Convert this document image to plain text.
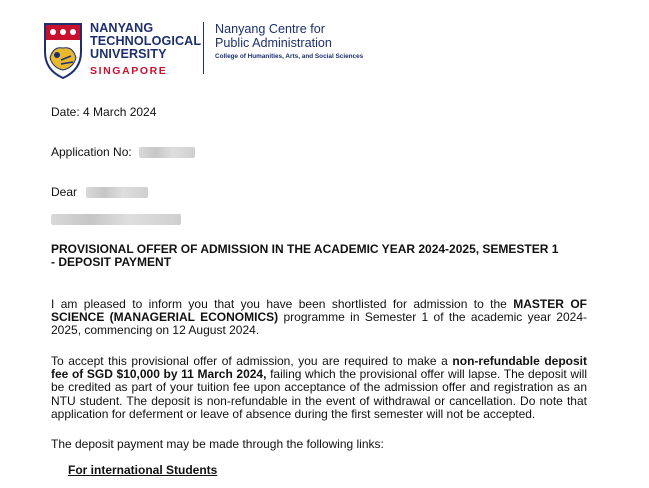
NANYANG
TECHNOLOGICAL
UNIVERSITY
SINGAPORE
Nanyang Centre for
Public Administration
College of Humanities, Arts, and Social Sciences
Date: 4 March 2024
Application No:
Dear
PROVISIONAL OFFER OF ADMISSION IN THE ACADEMIC YEAR 2024-2025, SEMESTER 1
- DEPOSIT PAYMENT
I am pleased to inform you that you have been shortlisted for admission to the MASTER OF SCIENCE (MANAGERIAL ECONOMICS) programme in Semester 1 of the academic year 2024-2025, commencing on 12 August 2024.
To accept this provisional offer of admission, you are required to make a non-refundable deposit fee of SGD $10,000 by 11 March 2024, failing which the provisional offer will lapse. The deposit will be credited as part of your tuition fee upon acceptance of the admission offer and registration as an NTU student. The deposit is non-refundable in the event of withdrawal or cancellation. Do note that application for deferment or leave of absence during the first semester will not be accepted.
The deposit payment may be made through the following links:
For international Students
